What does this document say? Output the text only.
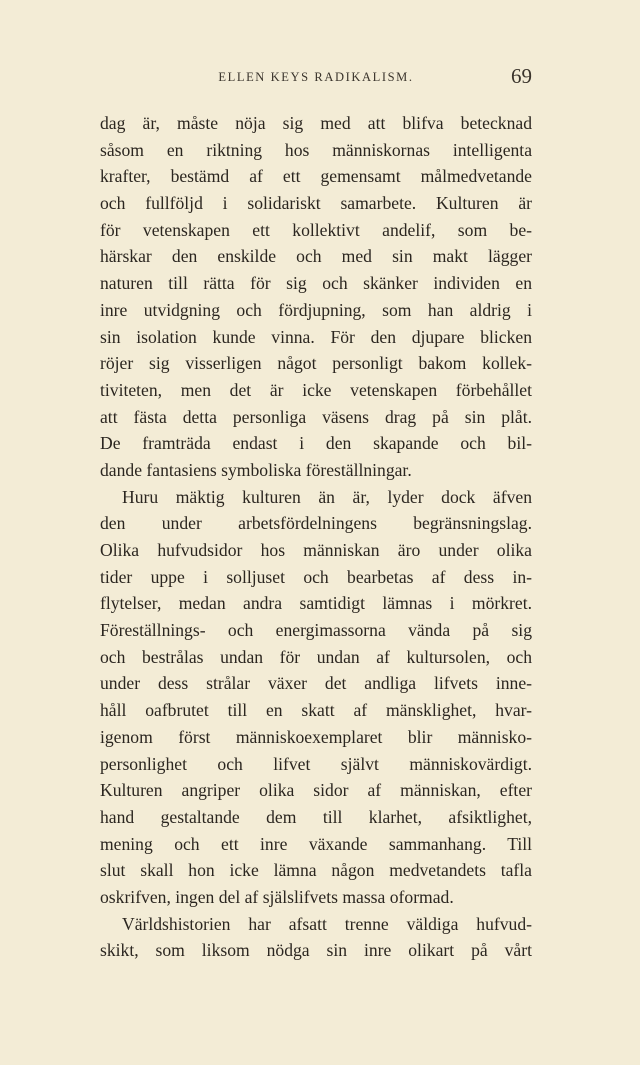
ELLEN KEYS RADIKALISM.	69
dag är, måste nöja sig med att blifva betecknad
såsom en riktning hos människornas intelligenta
krafter, bestämd af ett gemensamt målmedvetande
och fullföljd i solidariskt samarbete. Kulturen är
för vetenskapen ett kollektivt andelif, som be-
härskar den enskilde och med sin makt lägger
naturen till rätta för sig och skänker individen en
inre utvidgning och fördjupning, som han aldrig i
sin isolation kunde vinna. För den djupare blicken
röjer sig visserligen något personligt bakom kollek-
tiviteten, men det är icke vetenskapen förbehållet
att fästa detta personliga väsens drag på sin plåt.
De framträda endast i den skapande och bil-
dande fantasiens symboliska föreställningar.
Huru mäktig kulturen än är, lyder dock äfven
den under arbetsfördelningens begränsningslag.
Olika hufvudsidor hos människan äro under olika
tider uppe i solljuset och bearbetas af dess in-
flytelser, medan andra samtidigt lämnas i mörkret.
Föreställnings- och energimassorna vända på sig
och bestrålas undan för undan af kultursolen, och
under dess strålar växer det andliga lifvets inne-
håll oafbrutet till en skatt af mänsklighet, hvar-
igenom först människoexemplaret blir människo-
personlighet och lifvet självt människovärdigt.
Kulturen angriper olika sidor af människan, efter
hand gestaltande dem till klarhet, afsiktlighet,
mening och ett inre växande sammanhang. Till
slut skall hon icke lämna någon medvetandets tafla
oskrifven, ingen del af själslifvets massa oformad.
Världshistorien har afsatt trenne väldiga hufvud-
skikt, som liksom nödga sin inre olikart på vårt
